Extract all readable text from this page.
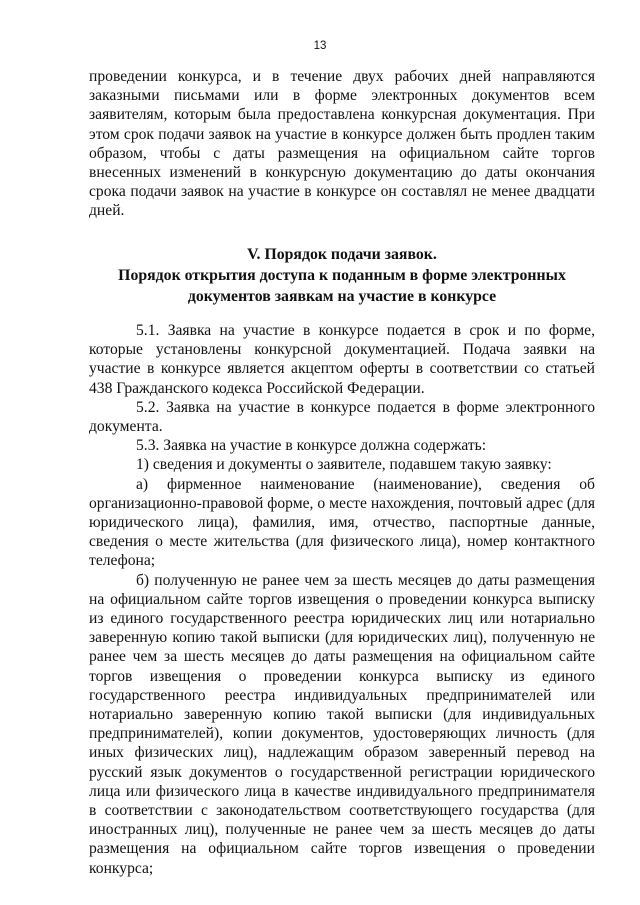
13

проведении конкурса, и в течение двух рабочих дней направляются заказными письмами или в форме электронных документов всем заявителям, которым была предоставлена конкурсная документация. При этом срок подачи заявок на участие в конкурсе должен быть продлен таким образом, чтобы с даты размещения на официальном сайте торгов внесенных изменений в конкурсную документацию до даты окончания срока подачи заявок на участие в конкурсе он составлял не менее двадцати дней.

V. Порядок подачи заявок.
Порядок открытия доступа к поданным в форме электронных
документов заявкам на участие в конкурсе

5.1. Заявка на участие в конкурсе подается в срок и по форме, которые установлены конкурсной документацией. Подача заявки на участие в конкурсе является акцептом оферты в соответствии со статьей 438 Гражданского кодекса Российской Федерации.

5.2. Заявка на участие в конкурсе подается в форме электронного документа.

5.3. Заявка на участие в конкурсе должна содержать:

1) сведения и документы о заявителе, подавшем такую заявку:

а) фирменное наименование (наименование), сведения об организационно-правовой форме, о месте нахождения, почтовый адрес (для юридического лица), фамилия, имя, отчество, паспортные данные, сведения о месте жительства (для физического лица), номер контактного телефона;

б) полученную не ранее чем за шесть месяцев до даты размещения на официальном сайте торгов извещения о проведении конкурса выписку из единого государственного реестра юридических лиц или нотариально заверенную копию такой выписки (для юридических лиц), полученную не ранее чем за шесть месяцев до даты размещения на официальном сайте торгов извещения о проведении конкурса выписку из единого государственного реестра индивидуальных предпринимателей или нотариально заверенную копию такой выписки (для индивидуальных предпринимателей), копии документов, удостоверяющих личность (для иных физических лиц), надлежащим образом заверенный перевод на русский язык документов о государственной регистрации юридического лица или физического лица в качестве индивидуального предпринимателя в соответствии с законодательством соответствующего государства (для иностранных лиц), полученные не ранее чем за шесть месяцев до даты размещения на официальном сайте торгов извещения о проведении конкурса;
